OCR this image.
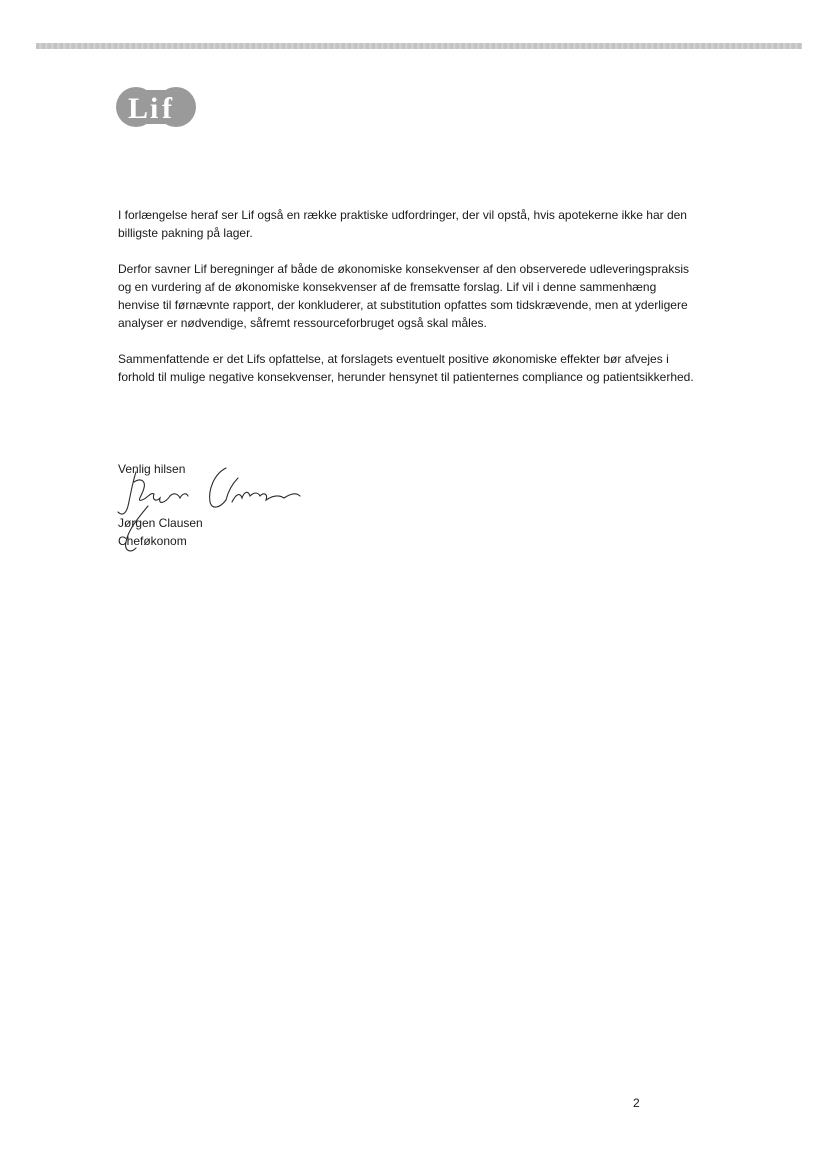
L i f

I forlængelse heraf ser Lif også en række praktiske udfordringer, der vil opstå, hvis apotekerne ikke har den billigste pakning på lager.

Derfor savner Lif beregninger af både de økonomiske konsekvenser af den observerede udleveringspraksis og en vurdering af de økonomiske konsekvenser af de fremsatte forslag. Lif vil i denne sammenhæng henvise til førnævnte rapport, der konkluderer, at substitution opfattes som tidskrævende, men at yderligere analyser er nødvendige, såfremt ressourceforbruget også skal måles.

Sammenfattende er det Lifs opfattelse, at forslagets eventuelt positive økonomiske effekter bør afvejes i forhold til mulige negative konsekvenser, herunder hensynet til patienternes compliance og patientsikkerhed.

Venlig hilsen
Jørgen Clausen
Cheføkonom
2
